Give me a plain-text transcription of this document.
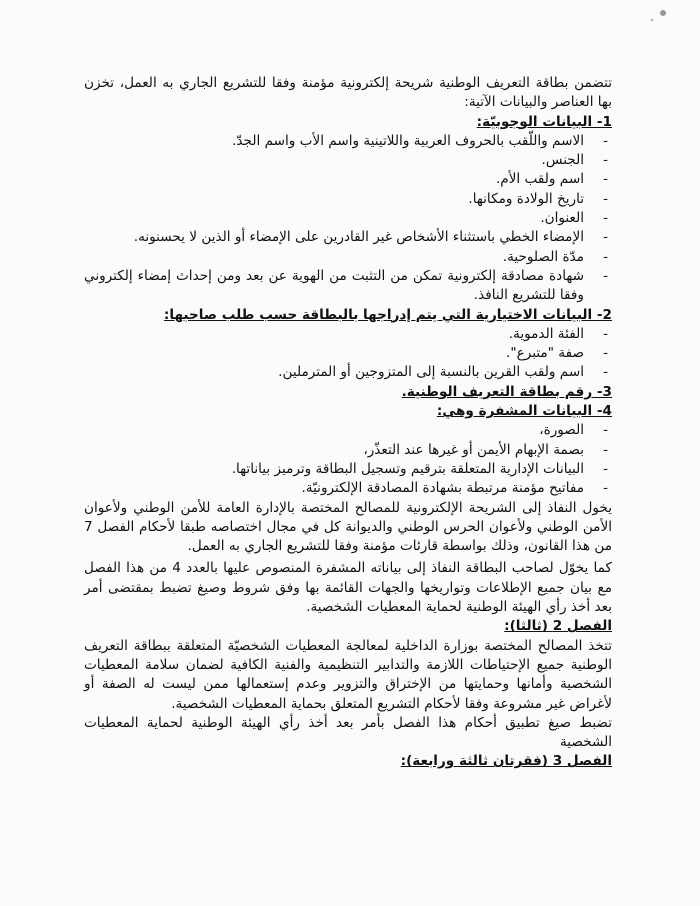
تتضمن بطاقة التعريف الوطنية شريحة إلكترونية مؤمنة وفقا للتشريع الجاري به العمل، تخزن بها العناصر والبيانات الآتية:

1- البيانات الوجوبيّة:

- الاسم واللّقب بالحروف العربية واللاتينية واسم الأب واسم الجدّ.
- الجنس.
- اسم ولقب الأم.
- تاريخ الولادة ومكانها.
- العنوان.
- الإمضاء الخطي باستثناء الأشخاص غير القادرين على الإمضاء أو الذين لا يحسنونه.
- مدّة الصلوحية.
- شهادة مصادقة إلكترونية تمكن من التثبت من الهوية عن بعد ومن إحداث إمضاء إلكتروني وفقا للتشريع النافذ.

2- البيانات الاختيارية التي يتم إدراجها بالبطاقة حسب طلب صاحبها:

- الفئة الدموية.
- صفة "متبرع".
- اسم ولقب القرين بالنسبة إلى المتزوجين أو المترملين.

3- رقم بطاقة التعريف الوطنية.

4- البيانات المشفرة وهي:

- الصورة،
- بصمة الإبهام الأيمن أو غيرها عند التعذّر،
- البيانات الإدارية المتعلقة بترقيم وتسجيل البطاقة وترميز بياناتها.
- مفاتيح مؤمنة مرتبطة بشهادة المصادقة الإلكترونيّة.

يخول النفاذ إلى الشريحة الإلكترونية للمصالح المختصة بالإدارة العامة للأمن الوطني ولأعوان الأمن الوطني ولأعوان الحرس الوطني والديوانة كل في مجال اختصاصه طبقا لأحكام الفصل 7 من هذا القانون، وذلك بواسطة قارئات مؤمنة وفقا للتشريع الجاري به العمل.

كما يخوّل لصاحب البطاقة النفاذ إلى بياناته المشفرة المنصوص عليها بالعدد 4 من هذا الفصل مع بيان جميع الإطلاعات وتواريخها والجهات القائمة بها وفق شروط وصيغ تضبط بمقتضى أمر بعد أخذ رأي الهيئة الوطنية لحماية المعطيات الشخصية.

الفصل 2 (ثالثا):

تتخذ المصالح المختصة بوزارة الداخلية لمعالجة المعطيات الشخصيّة المتعلقة ببطاقة التعريف الوطنية جميع الإحتياطات اللازمة والتدابير التنظيمية والفنية الكافية لضمان سلامة المعطيات الشخصية وأمانها وحمايتها من الإختراق والتزوير وعدم إستعمالها ممن ليست له الصفة أو لأغراض غير مشروعة وفقا لأحكام التشريع المتعلق بحماية المعطيات الشخصية.

تضبط صيغ تطبيق أحكام هذا الفصل بأمر بعد أخذ رأي الهيئة الوطنية لحماية المعطيات الشخصية

الفصل 3 (فقرتان ثالثة ورابعة):
